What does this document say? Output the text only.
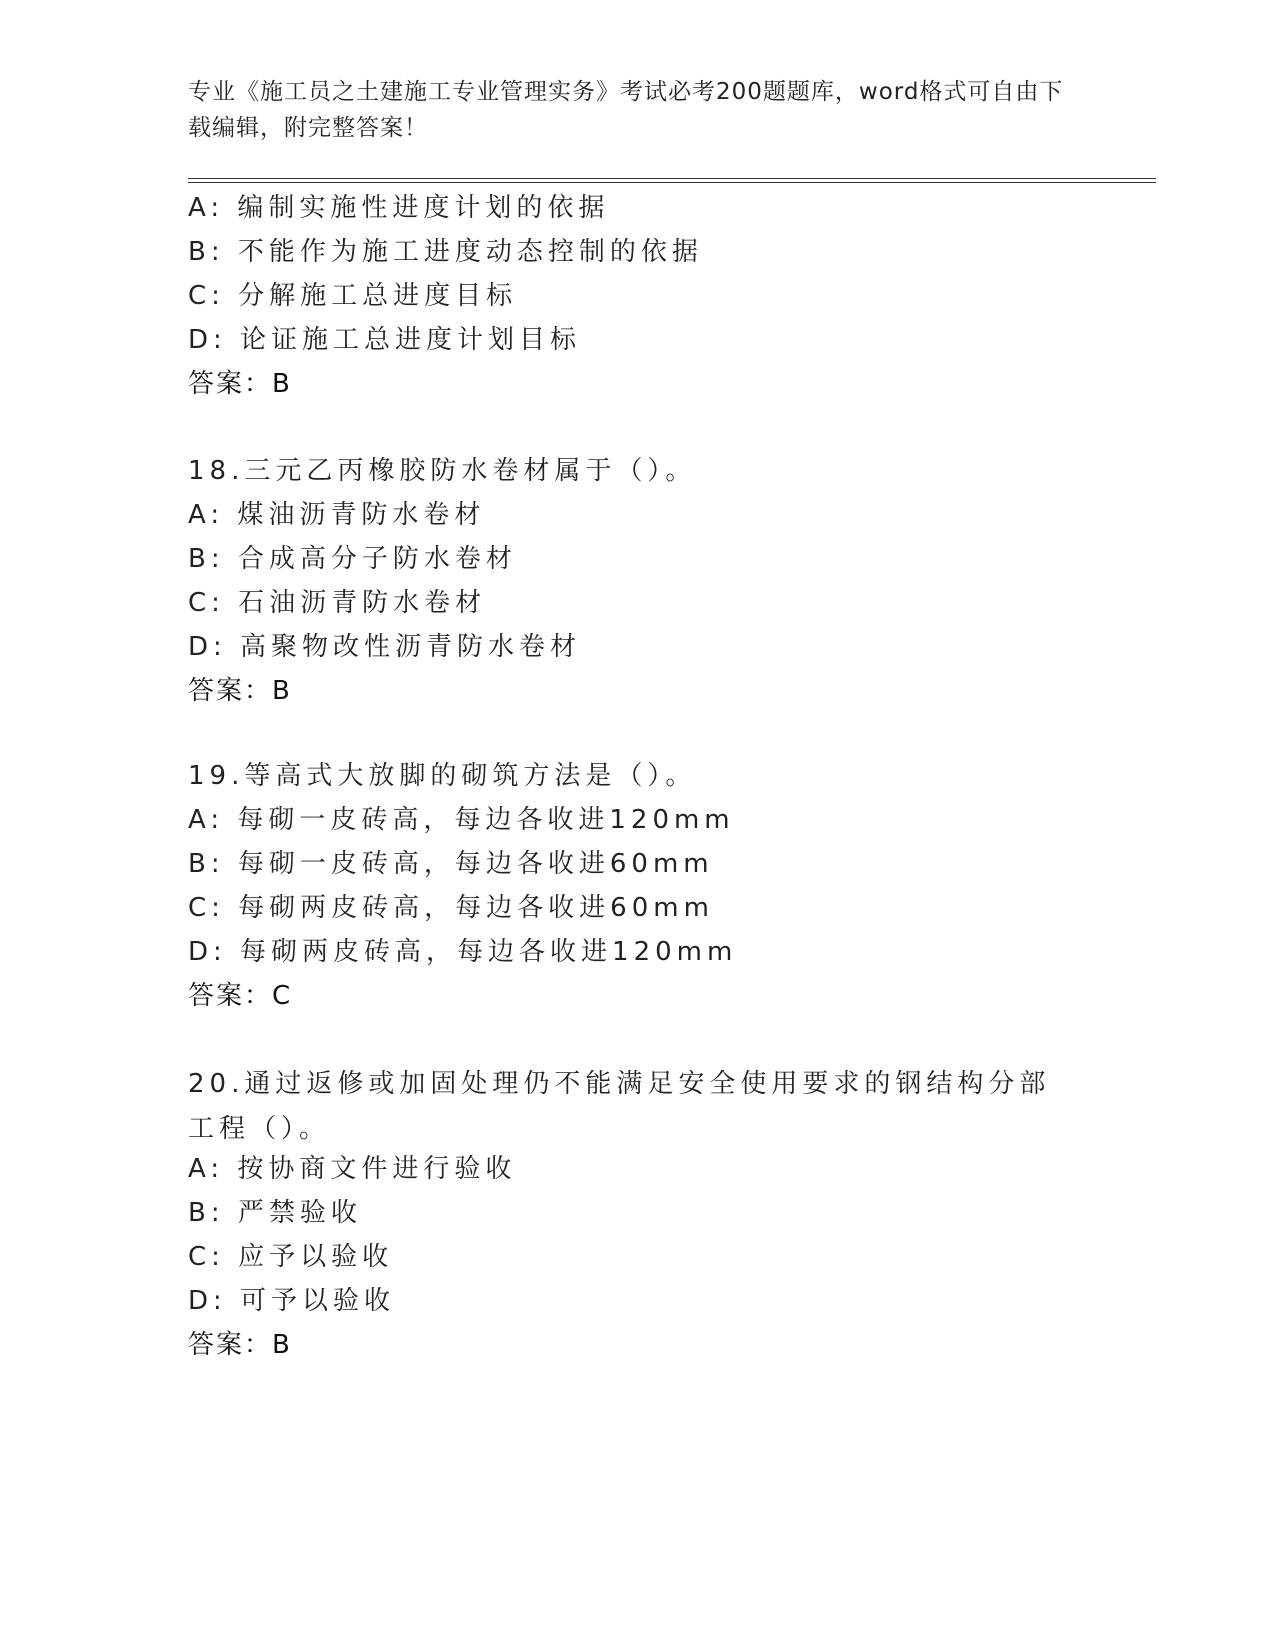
专业《施工员之土建施工专业管理实务》考试必考200题题库，word格式可自由下载编辑，附完整答案！
A: 编制实施性进度计划的依据
B: 不能作为施工进度动态控制的依据
C: 分解施工总进度目标
D: 论证施工总进度计划目标
答案：B
18.三元乙丙橡胶防水卷材属于（）。
A: 煤油沥青防水卷材
B: 合成高分子防水卷材
C: 石油沥青防水卷材
D: 高聚物改性沥青防水卷材
答案：B
19.等高式大放脚的砌筑方法是（）。
A: 每砌一皮砖高，每边各收进120mm
B: 每砌一皮砖高，每边各收进60mm
C: 每砌两皮砖高，每边各收进60mm
D: 每砌两皮砖高，每边各收进120mm
答案：C
20.通过返修或加固处理仍不能满足安全使用要求的钢结构分部工程（）。
A: 按协商文件进行验收
B: 严禁验收
C: 应予以验收
D: 可予以验收
答案：B
